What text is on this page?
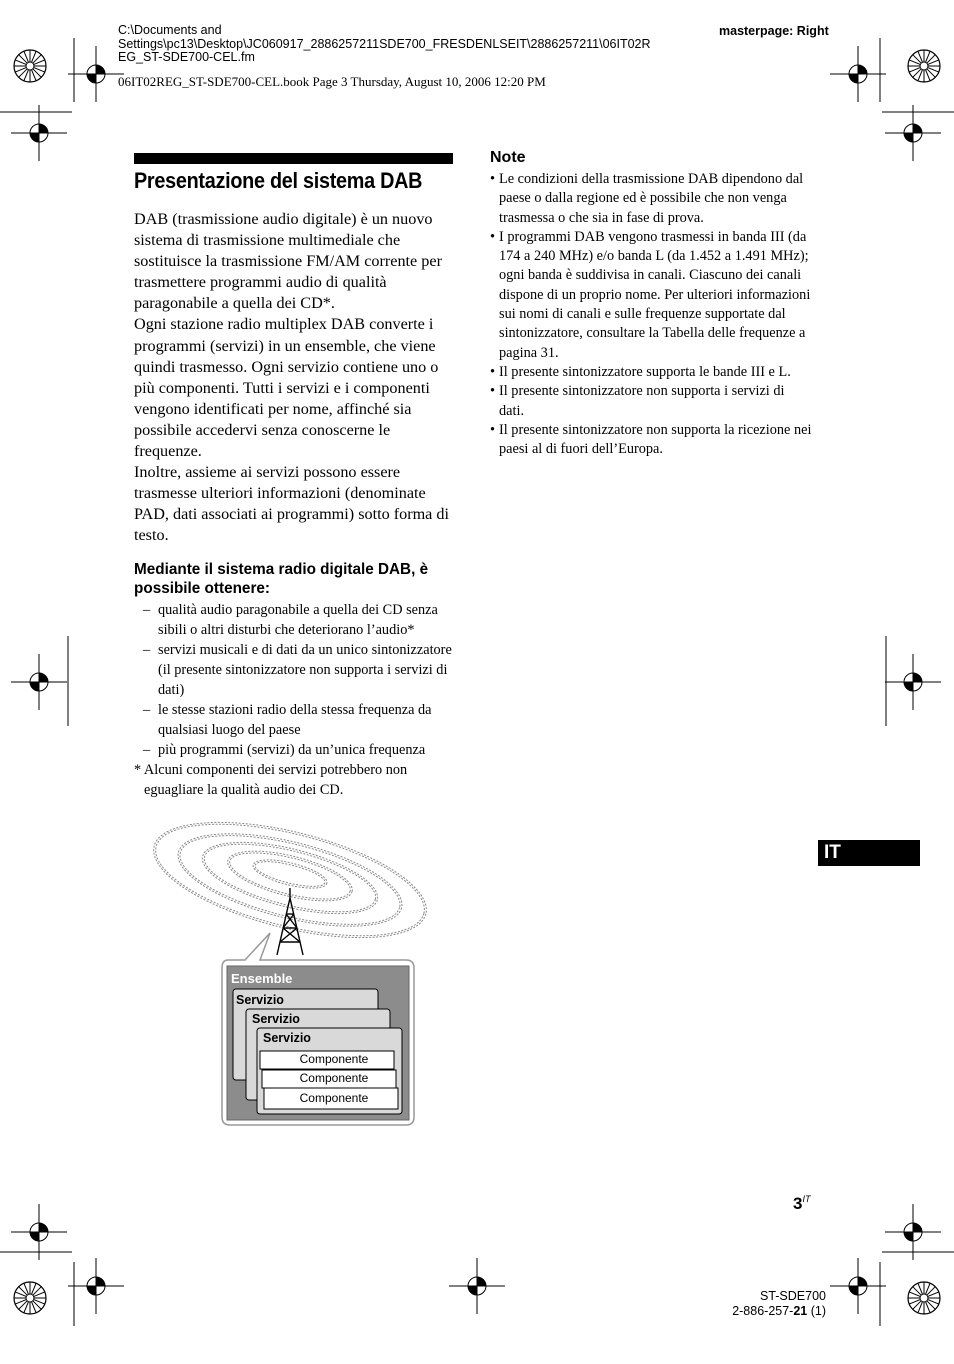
C:\Documents and
Settings\pc13\Desktop\JC060917_2886257211SDE700_FRESDENLSEIT\2886257211\06IT02R
EG_ST-SDE700-CEL.fm
masterpage: Right
06IT02REG_ST-SDE700-CEL.book Page 3 Thursday, August 10, 2006 12:20 PM
Presentazione del sistema DAB

DAB (trasmissione audio digitale) è un nuovo sistema di trasmissione multimediale che sostituisce la trasmissione FM/AM corrente per trasmettere programmi audio di qualità paragonabile a quella dei CD*.

Ogni stazione radio multiplex DAB converte i programmi (servizi) in un ensemble, che viene quindi trasmesso. Ogni servizio contiene uno o più componenti. Tutti i servizi e i componenti vengono identificati per nome, affinché sia possibile accedervi senza conoscerne le frequenze.

Inoltre, assieme ai servizi possono essere trasmesse ulteriori informazioni (denominate PAD, dati associati ai programmi) sotto forma di testo.

Mediante il sistema radio digitale DAB, è possibile ottenere:
– qualità audio paragonabile a quella dei CD senza sibili o altri disturbi che deteriorano l’audio*
– servizi musicali e di dati da un unico sintonizzatore (il presente sintonizzatore non supporta i servizi di dati)
– le stesse stazioni radio della stessa frequenza da qualsiasi luogo del paese
– più programmi (servizi) da un’unica frequenza
* Alcuni componenti dei servizi potrebbero non eguagliare la qualità audio dei CD.
Ensemble
Servizio
Servizio
Servizio
Componente
Componente
Componente
Note
• Le condizioni della trasmissione DAB dipendono dal paese o dalla regione ed è possibile che non venga trasmessa o che sia in fase di prova.
• I programmi DAB vengono trasmessi in banda III (da 174 a 240 MHz) e/o banda L (da 1.452 a 1.491 MHz); ogni banda è suddivisa in canali. Ciascuno dei canali dispone di un proprio nome. Per ulteriori informazioni sui nomi di canali e sulle frequenze supportate dal sintonizzatore, consultare la Tabella delle frequenze a pagina 31.
• Il presente sintonizzatore supporta le bande III e L.
• Il presente sintonizzatore non supporta i servizi di dati.
• Il presente sintonizzatore non supporta la ricezione nei paesi al di fuori dell’Europa.
IT
$3^{IT}$
ST-SDE700
2-886-257-21 (1)
